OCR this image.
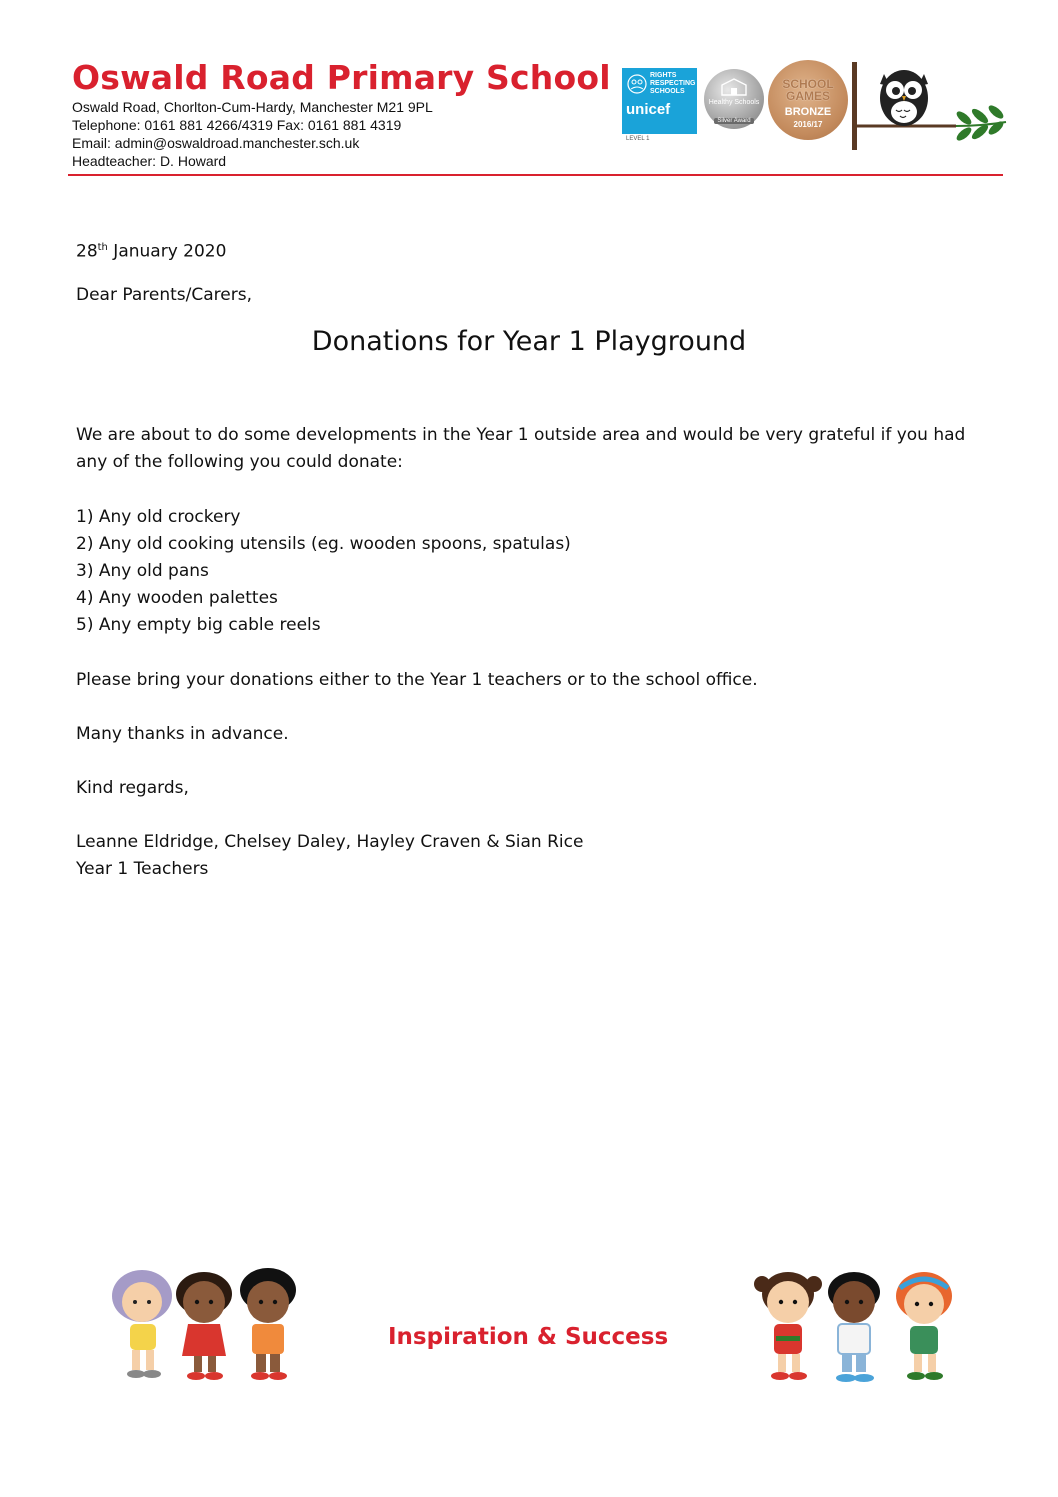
Oswald Road Primary School
Oswald Road, Chorlton-Cum-Hardy, Manchester M21 9PL
Telephone: 0161 881 4266/4319 Fax: 0161 881 4319
Email: admin@oswaldroad.manchester.sch.uk
Headteacher: D. Howard
RIGHTS
RESPECTING
SCHOOLS
unicef
LEVEL 1
Healthy Schools
Silver Award
SCHOOL GAMES
BRONZE
2016/17
28th January 2020
Dear Parents/Carers,
Donations for Year 1 Playground
We are about to do some developments in the Year 1 outside area and would be very grateful if you had
any of the following you could donate:
1) Any old crockery
2) Any old cooking utensils (eg. wooden spoons, spatulas)
3) Any old pans
4) Any wooden palettes
5) Any empty big cable reels
Please bring your donations either to the Year 1 teachers or to the school office.
Many thanks in advance.
Kind regards,
Leanne Eldridge, Chelsey Daley, Hayley Craven & Sian Rice
Year 1 Teachers
Inspiration & Success
